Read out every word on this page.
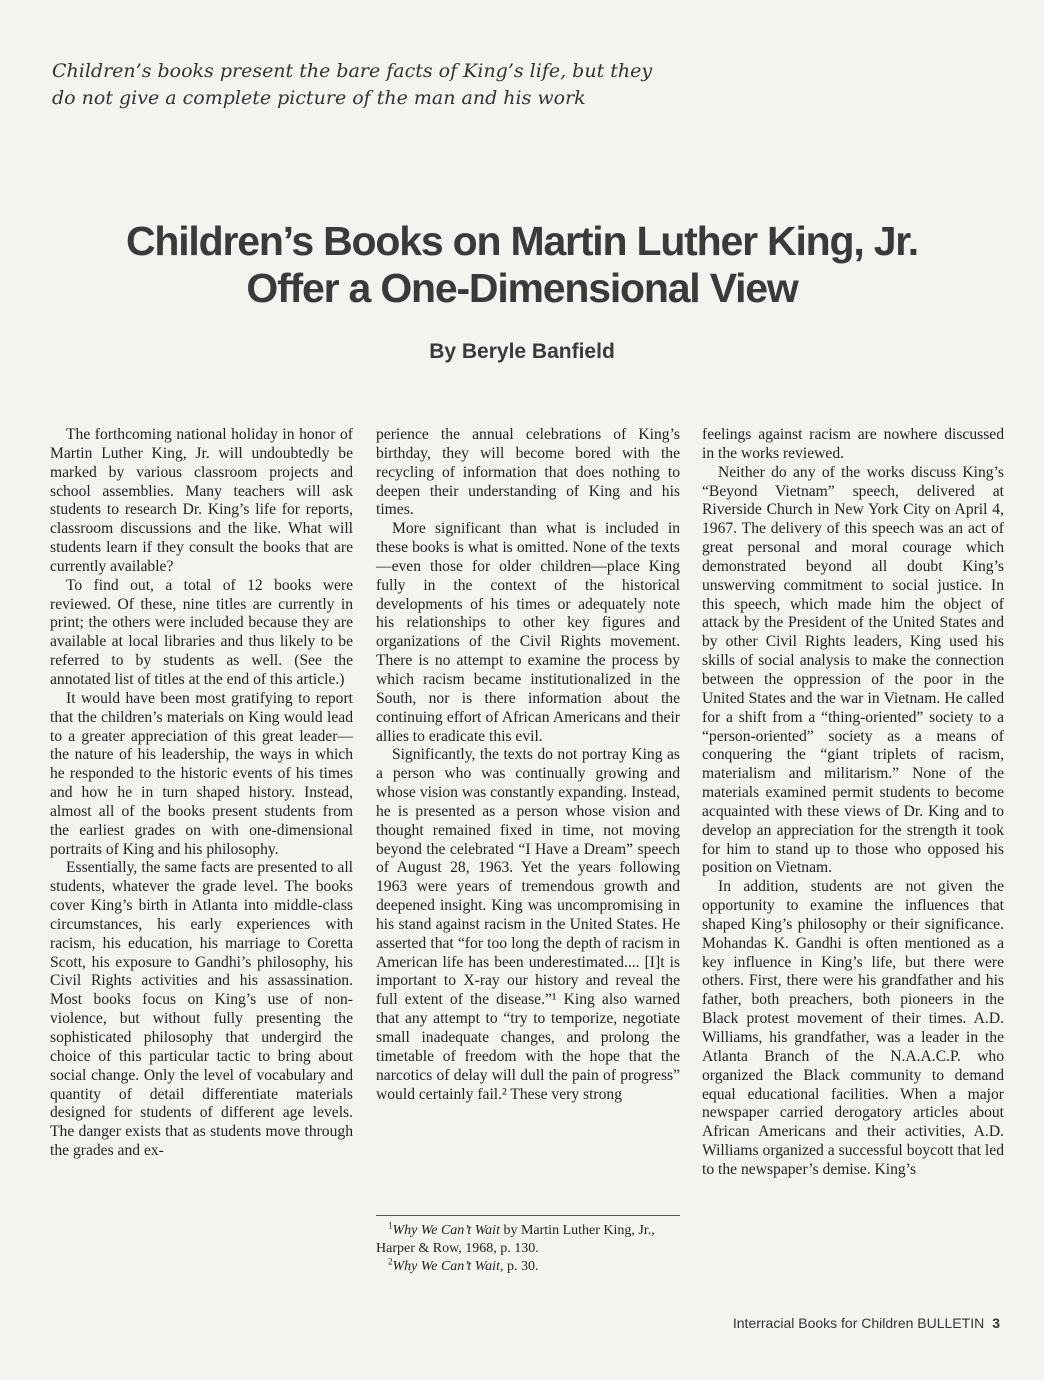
Children’s books present the bare facts of King’s life, but they
do not give a complete picture of the man and his work
Children’s Books on Martin Luther King, Jr.
Offer a One-Dimensional View
By Beryle Banfield

The forthcoming national holiday in honor of Martin Luther King, Jr. will undoubtedly be marked by various classroom projects and school assemblies. Many teachers will ask students to research Dr. King’s life for reports, classroom discussions and the like. What will students learn if they consult the books that are currently available?

To find out, a total of 12 books were reviewed. Of these, nine titles are currently in print; the others were included because they are available at local libraries and thus likely to be referred to by students as well. (See the annotated list of titles at the end of this article.)

It would have been most gratifying to report that the children’s materials on King would lead to a greater appreciation of this great leader—the nature of his leadership, the ways in which he responded to the historic events of his times and how he in turn shaped history. Instead, almost all of the books present students from the earliest grades on with one-dimensional portraits of King and his philosophy.

Essentially, the same facts are presented to all students, whatever the grade level. The books cover King’s birth in Atlanta into middle-class circumstances, his early experiences with racism, his education, his marriage to Coretta Scott, his exposure to Gandhi’s philosophy, his Civil Rights activities and his assassination. Most books focus on King’s use of non-violence, but without fully presenting the sophisticated philosophy that undergird the choice of this particular tactic to bring about social change. Only the level of vocabulary and quantity of detail differentiate materials designed for students of different age levels. The danger exists that as students move through the grades and ex-

perience the annual celebrations of King’s birthday, they will become bored with the recycling of information that does nothing to deepen their understanding of King and his times.

More significant than what is included in these books is what is omitted. None of the texts—even those for older children—place King fully in the context of the historical developments of his times or adequately note his relationships to other key figures and organizations of the Civil Rights movement. There is no attempt to examine the process by which racism became institutionalized in the South, nor is there information about the continuing effort of African Americans and their allies to eradicate this evil.

Significantly, the texts do not portray King as a person who was continually growing and whose vision was constantly expanding. Instead, he is presented as a person whose vision and thought remained fixed in time, not moving beyond the celebrated “I Have a Dream” speech of August 28, 1963. Yet the years following 1963 were years of tremendous growth and deepened insight. King was uncompromising in his stand against racism in the United States. He asserted that “for too long the depth of racism in American life has been underestimated.... [I]t is important to X-ray our history and reveal the full extent of the disease.”¹ King also warned that any attempt to “try to temporize, negotiate small inadequate changes, and prolong the timetable of freedom with the hope that the narcotics of delay will dull the pain of progress” would certainly fail.² These very strong

feelings against racism are nowhere discussed in the works reviewed.

Neither do any of the works discuss King’s “Beyond Vietnam” speech, delivered at Riverside Church in New York City on April 4, 1967. The delivery of this speech was an act of great personal and moral courage which demonstrated beyond all doubt King’s unswerving commitment to social justice. In this speech, which made him the object of attack by the President of the United States and by other Civil Rights leaders, King used his skills of social analysis to make the connection between the oppression of the poor in the United States and the war in Vietnam. He called for a shift from a “thing-oriented” society to a “person-oriented” society as a means of conquering the “giant triplets of racism, materialism and militarism.” None of the materials examined permit students to become acquainted with these views of Dr. King and to develop an appreciation for the strength it took for him to stand up to those who opposed his position on Vietnam.

In addition, students are not given the opportunity to examine the influences that shaped King’s philosophy or their significance. Mohandas K. Gandhi is often mentioned as a key influence in King’s life, but there were others. First, there were his grandfather and his father, both preachers, both pioneers in the Black protest movement of their times. A.D. Williams, his grandfather, was a leader in the Atlanta Branch of the N.A.A.C.P. who organized the Black community to demand equal educational facilities. When a major newspaper carried derogatory articles about African Americans and their activities, A.D. Williams organized a successful boycott that led to the newspaper’s demise. King’s

$^1$Why We Can’t Wait by Martin Luther King, Jr., Harper & Row, 1968, p. 130.

$^2$Why We Can’t Wait, p. 30.

Interracial Books for Children BULLETIN 3
